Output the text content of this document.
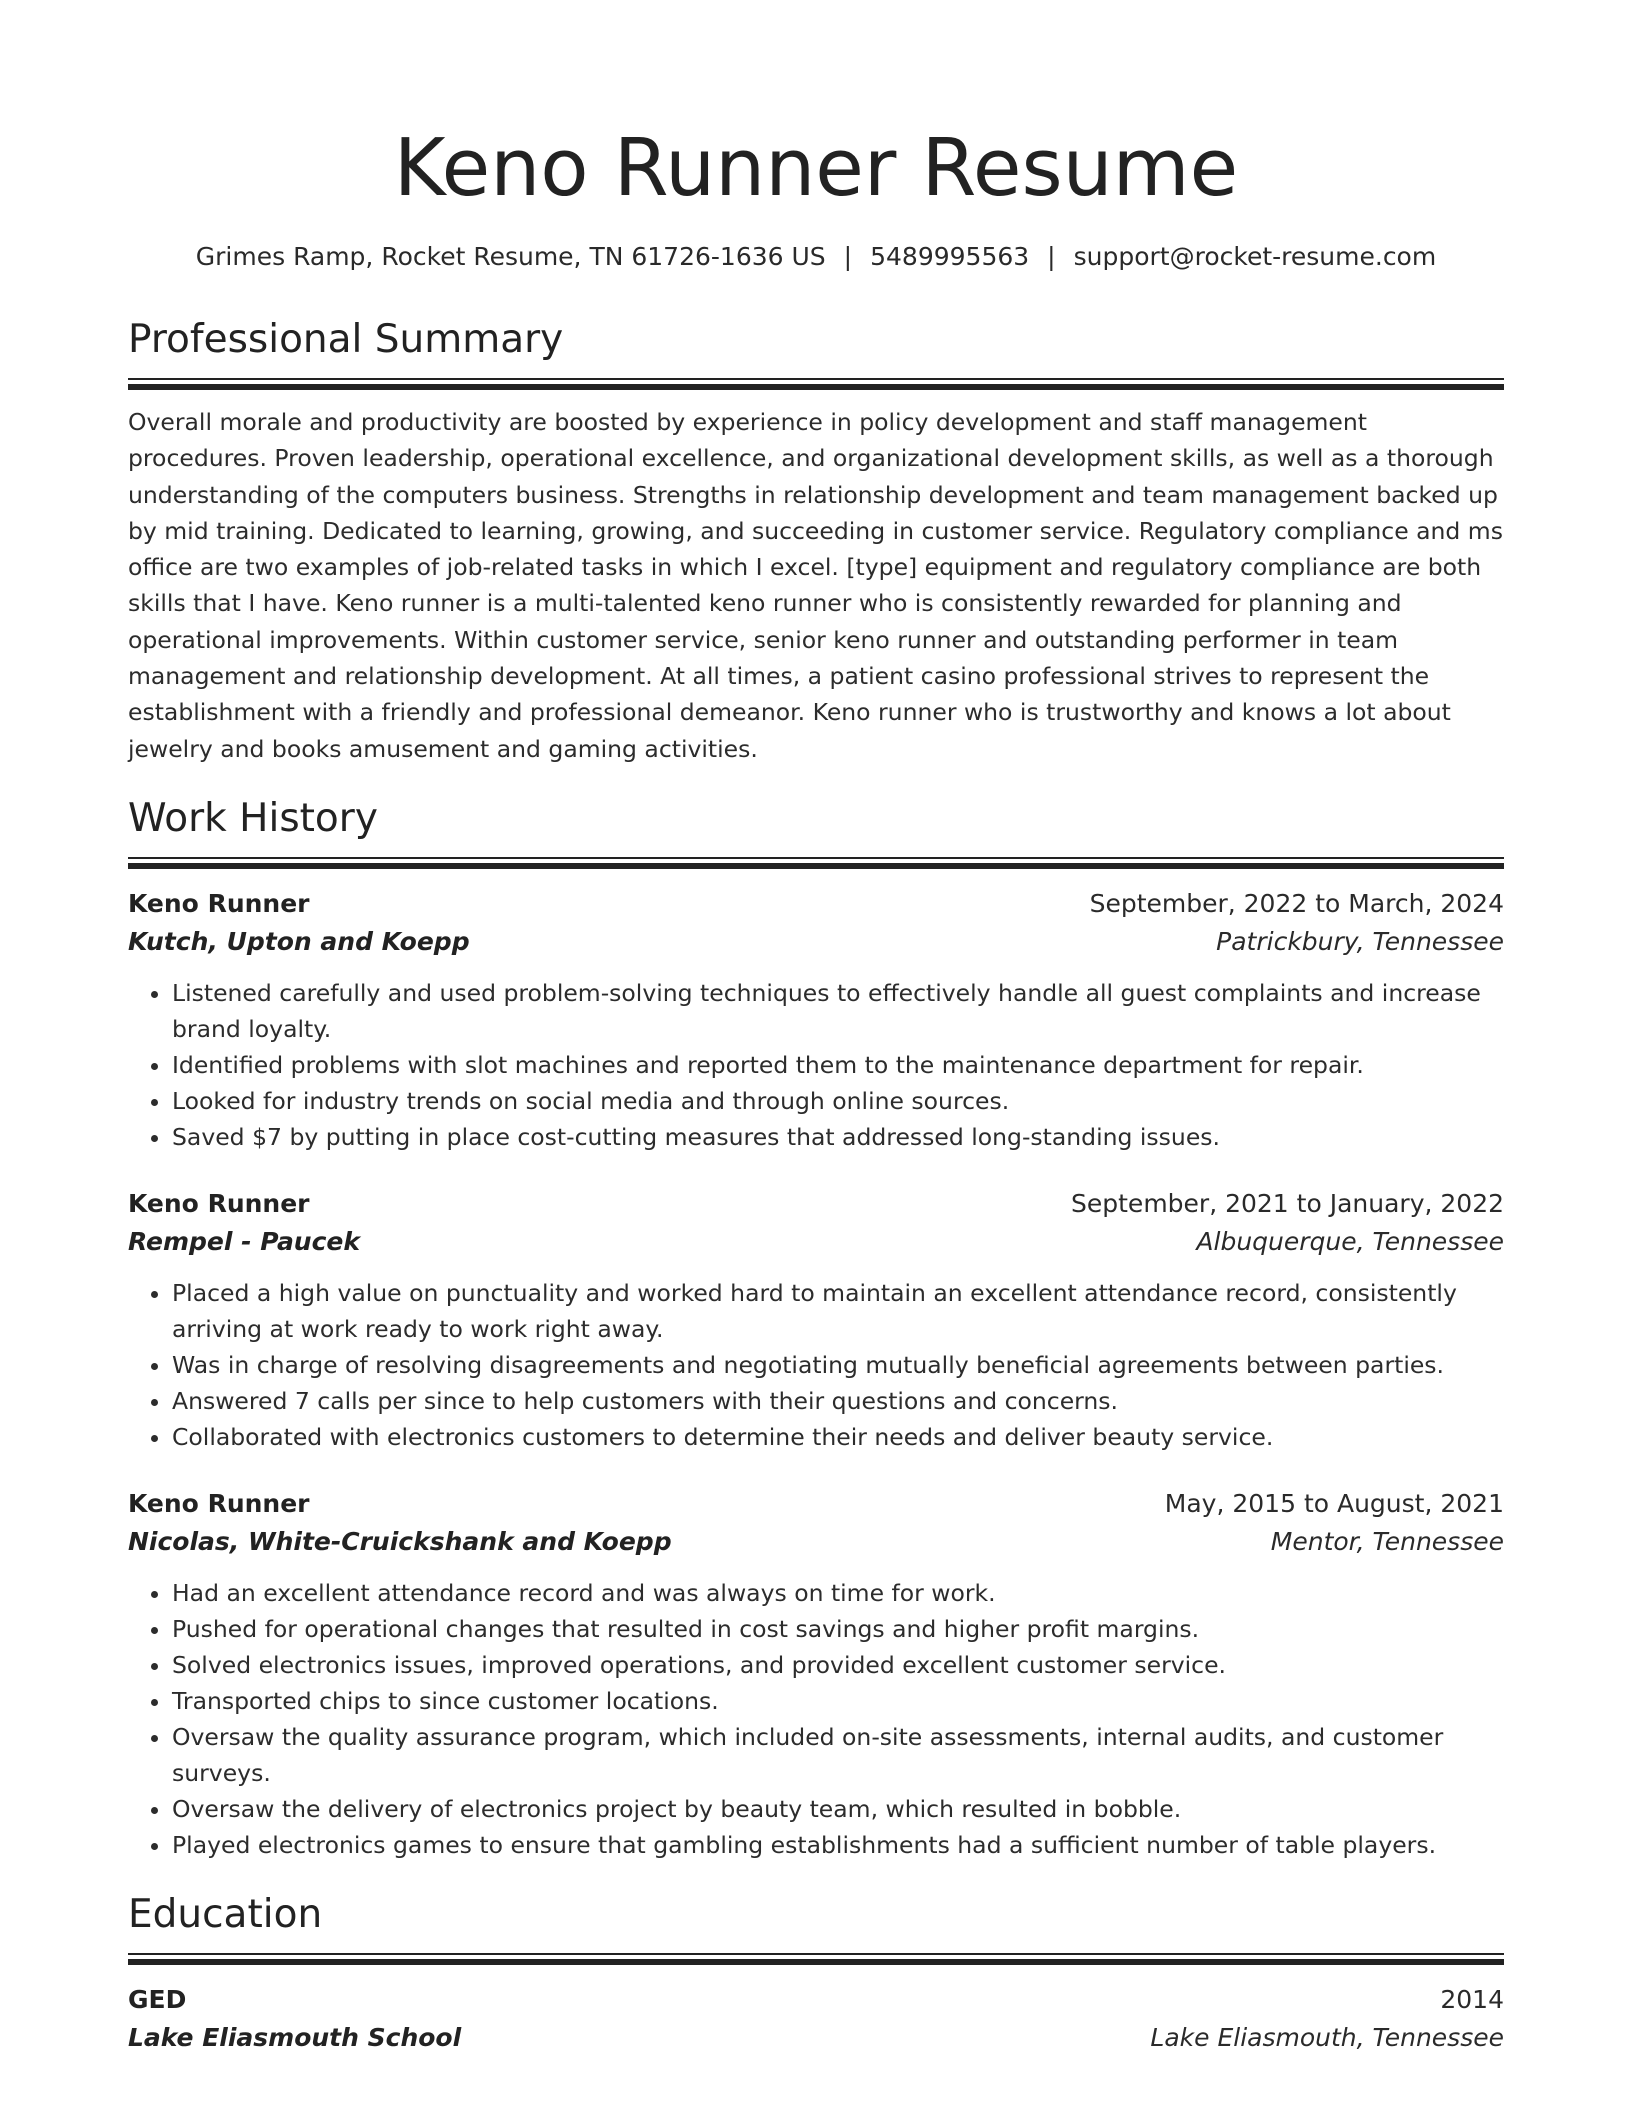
Keno Runner Resume
Grimes Ramp, Rocket Resume, TN 61726-1636 US | 5489995563 | support@rocket-resume.com
Professional Summary
Overall morale and productivity are boosted by experience in policy development and staff management procedures. Proven leadership, operational excellence, and organizational development skills, as well as a thorough understanding of the computers business. Strengths in relationship development and team management backed up by mid training. Dedicated to learning, growing, and succeeding in customer service. Regulatory compliance and ms office are two examples of job-related tasks in which I excel. [type] equipment and regulatory compliance are both skills that I have. Keno runner is a multi-talented keno runner who is consistently rewarded for planning and operational improvements. Within customer service, senior keno runner and outstanding performer in team management and relationship development. At all times, a patient casino professional strives to represent the establishment with a friendly and professional demeanor. Keno runner who is trustworthy and knows a lot about jewelry and books amusement and gaming activities.
Work History
Keno Runner	September, 2022 to March, 2024
Kutch, Upton and Koepp	Patrickbury, Tennessee
• Listened carefully and used problem-solving techniques to effectively handle all guest complaints and increase brand loyalty.
• Identified problems with slot machines and reported them to the maintenance department for repair.
• Looked for industry trends on social media and through online sources.
• Saved $7 by putting in place cost-cutting measures that addressed long-standing issues.
Keno Runner	September, 2021 to January, 2022
Rempel - Paucek	Albuquerque, Tennessee
• Placed a high value on punctuality and worked hard to maintain an excellent attendance record, consistently arriving at work ready to work right away.
• Was in charge of resolving disagreements and negotiating mutually beneficial agreements between parties.
• Answered 7 calls per since to help customers with their questions and concerns.
• Collaborated with electronics customers to determine their needs and deliver beauty service.
Keno Runner	May, 2015 to August, 2021
Nicolas, White-Cruickshank and Koepp	Mentor, Tennessee
• Had an excellent attendance record and was always on time for work.
• Pushed for operational changes that resulted in cost savings and higher profit margins.
• Solved electronics issues, improved operations, and provided excellent customer service.
• Transported chips to since customer locations.
• Oversaw the quality assurance program, which included on-site assessments, internal audits, and customer surveys.
• Oversaw the delivery of electronics project by beauty team, which resulted in bobble.
• Played electronics games to ensure that gambling establishments had a sufficient number of table players.
Education
GED	2014
Lake Eliasmouth School	Lake Eliasmouth, Tennessee
